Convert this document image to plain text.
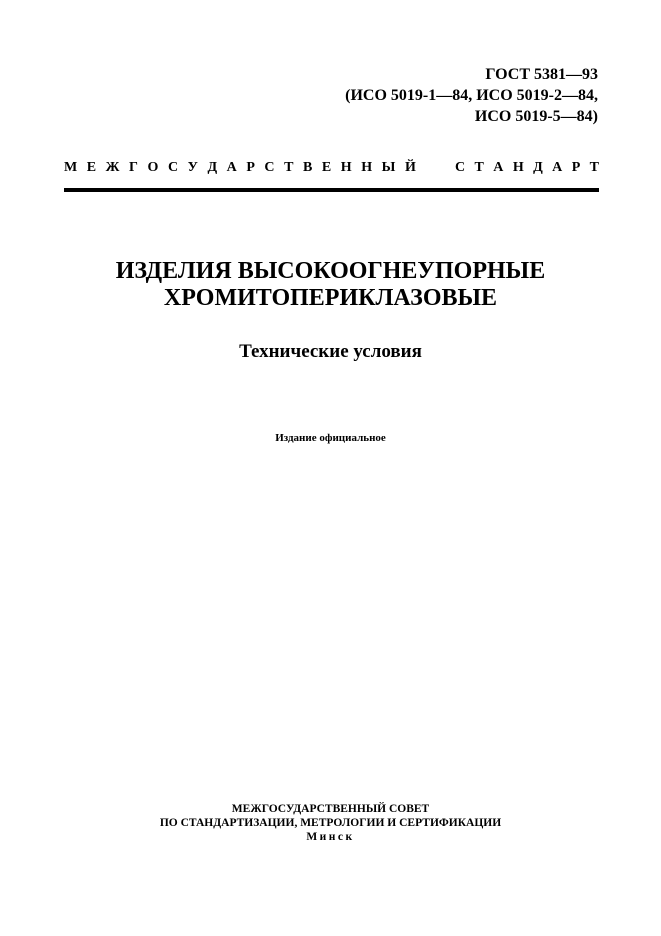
ГОСТ 5381—93
(ИСО 5019-1—84, ИСО 5019-2—84,
ИСО 5019-5—84)
М Е Ж Г О С У Д А Р С Т В Е Н Н Ы Й	С Т А Н Д А Р Т
ИЗДЕЛИЯ ВЫСОКООГНЕУПОРНЫЕ
ХРОМИТОПЕРИКЛАЗОВЫЕ
Технические условия
Издание официальное
МЕЖГОСУДАРСТВЕННЫЙ СОВЕТ
ПО СТАНДАРТИЗАЦИИ, МЕТРОЛОГИИ И СЕРТИФИКАЦИИ
Минск
